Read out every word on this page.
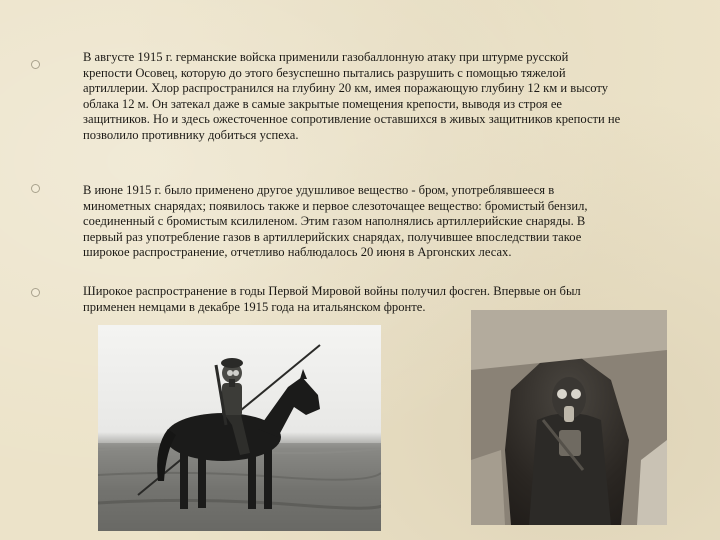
В августе 1915 г. германские войска применили газобаллонную атаку при штурме русской
крепости Осовец, которую до этого безуспешно пытались разрушить с помощью тяжелой
артиллерии. Хлор распространился на глубину 20 км, имея поражающую глубину 12 км и высоту
облака 12 м. Он затекал даже в самые закрытые помещения крепости, выводя из строя ее
защитников. Но и здесь ожесточенное сопротивление оставшихся в живых защитников крепости не
позволило противнику добиться успеха.

В июне 1915 г. было применено другое удушливое вещество - бром, употреблявшееся в
минометных снарядах; появилось также и первое слезоточащее вещество: бромистый бензил,
соединенный с бромистым ксилиленом. Этим газом наполнялись артиллерийские снаряды. В
первый раз употребление газов в артиллерийских снарядах, получившее впоследствии такое
широкое распространение, отчетливо наблюдалось 20 июня в Аргонских лесах.

Широкое распространение в годы Первой Мировой войны получил фосген. Впервые он был
применен немцами в декабре 1915 года на итальянском фронте.
